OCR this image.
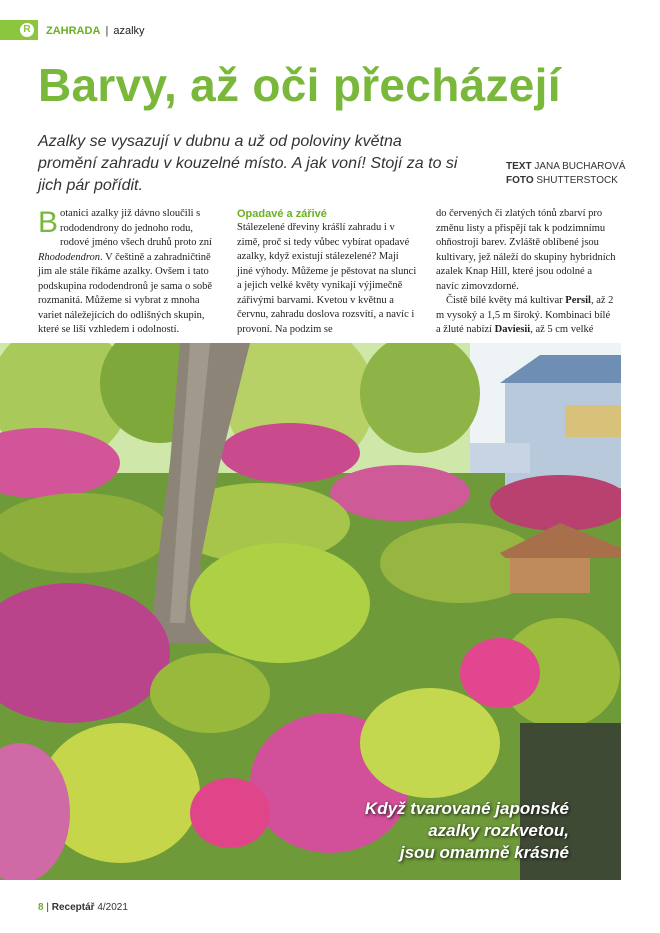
R	ZAHRADA | azalky
Barvy, až oči přecházejí
Azalky se vysazují v dubnu a už od poloviny května promění zahradu v kouzelné místo. A jak voní! Stojí za to si jich pár pořídit.
TEXT JANA BUCHAROVÁ
FOTO SHUTTERSTOCK

Botanici azalky již dávno sloučili s rododendrony do jednoho rodu, rodové jméno všech druhů proto zní Rhododendron. V češtině a zahradničtině jim ale stále říkáme azalky. Ovšem i tato podskupina rododendronů je sama o sobě rozmanitá. Můžeme si vybrat z mnoha variet náležejících do odlišných skupin, které se liší vzhledem i odolností.

Opadavé a zářivé

Stálezelené dřeviny krášlí zahradu i v zimě, proč si tedy vůbec vybírat opadavé azalky, když existují stálezelené? Mají jiné výhody. Můžeme je pěstovat na slunci a jejich velké květy vynikají výjimečně zářivými barvami. Kvetou v květnu a červnu, zahradu doslova rozsvítí, a navíc i provoní. Na podzim se

do červených či zlatých tónů zbarví pro změnu listy a přispějí tak k podzimnímu ohňostroji barev. Zvláště oblíbené jsou kultivary, jež náleží do skupiny hybridních azalek Knap Hill, které jsou odolné a navíc zimovzdorné.

Čistě bílé květy má kultivar Persil, až 2 m vysoký a 1,5 m široký. Kombinaci bílé a žluté nabízí Daviesii, až 5 cm velké

Když tvarované japonské
azalky rozkvetou,
jsou omamně krásné
8 | Receptář 4/2021
